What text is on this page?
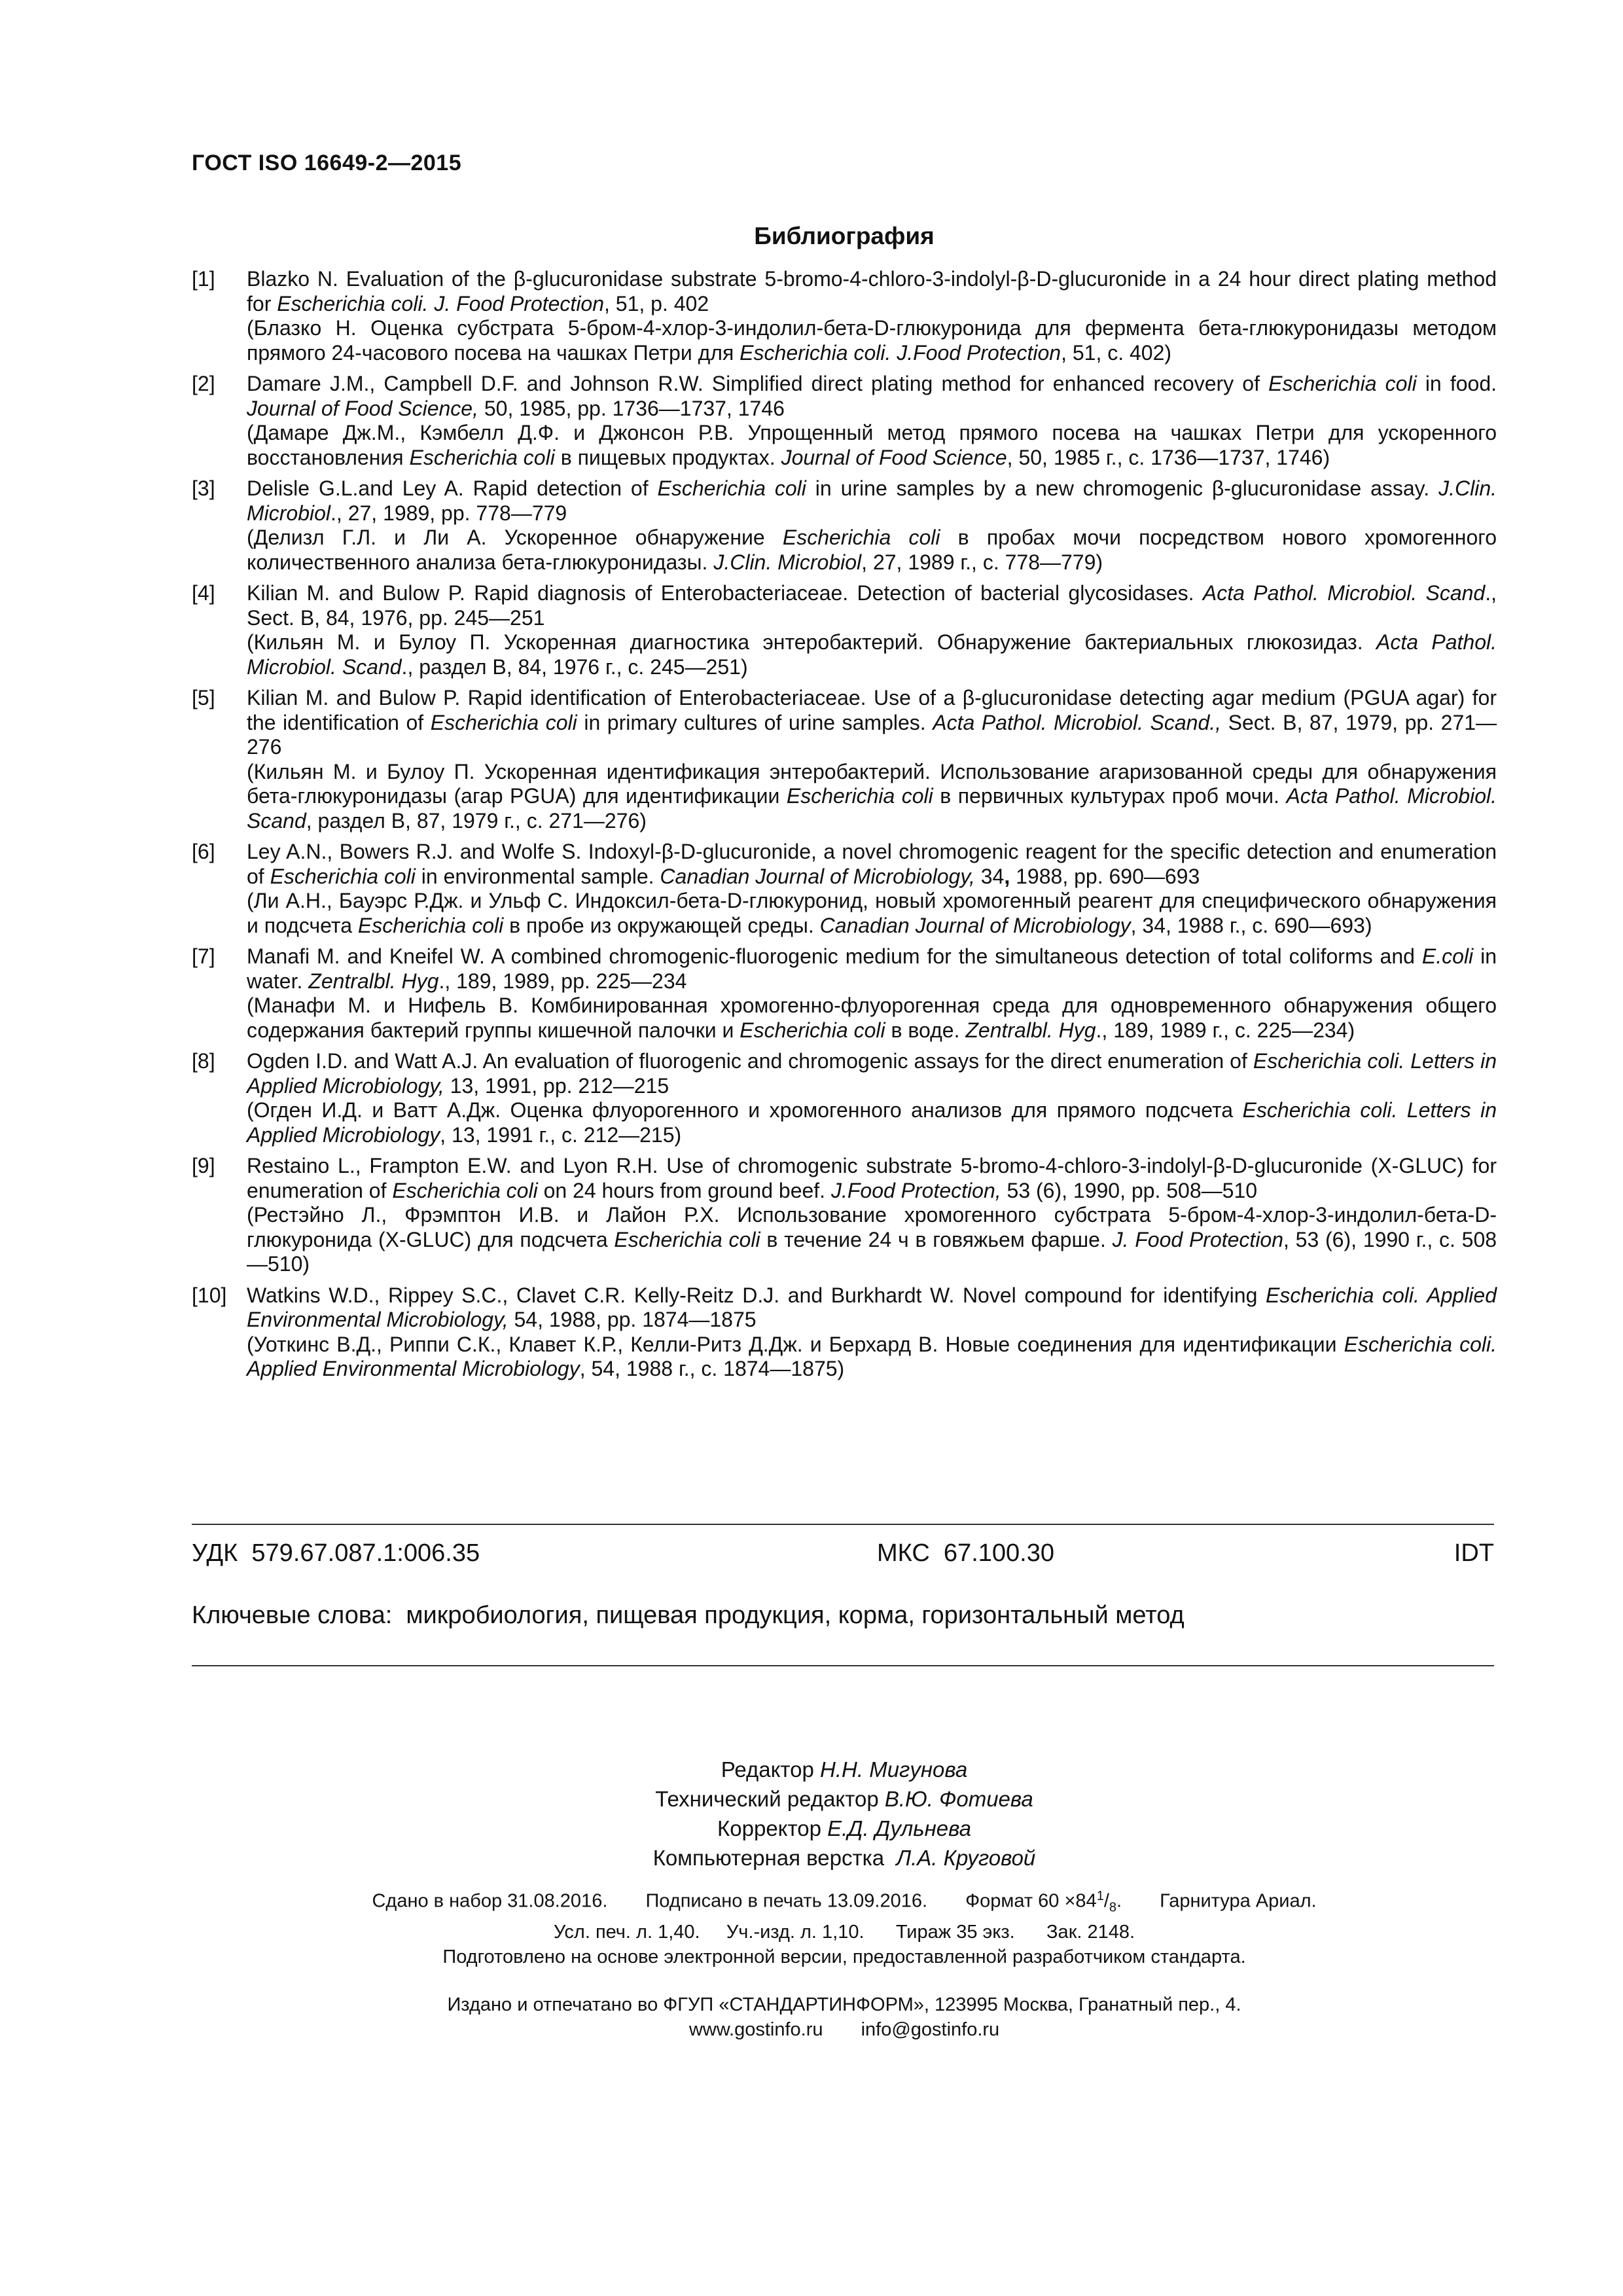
ГОСТ ISO 16649-2—2015
Библиография
[1]	Blazko N. Evaluation of the β-glucuronidase substrate 5-bromo-4-chloro-3-indolyl-β-D-glucuronide in a 24 hour direct plating method for Escherichia coli. J. Food Protection, 51, p. 402
(Блазко Н. Оценка субстрата 5-бром-4-хлор-3-индолил-бета-D-глюкуронида для фермента бета-глюкуронидазы методом прямого 24-часового посева на чашках Петри для Escherichia coli. J.Food Protection, 51, с. 402)
[2]	Damare J.M., Campbell D.F. and Johnson R.W. Simplified direct plating method for enhanced recovery of Escherichia coli in food. Journal of Food Science, 50, 1985, pp. 1736—1737, 1746
(Дамаре Дж.М., Кэмбелл Д.Ф. и Джонсон Р.В. Упрощенный метод прямого посева на чашках Петри для ускоренного восстановления Escherichia coli в пищевых продуктах. Journal of Food Science, 50, 1985 г., с. 1736—1737, 1746)
[3]	Delisle G.L.and Ley A. Rapid detection of Escherichia coli in urine samples by a new chromogenic β-glucuronidase assay. J.Clin. Microbiol., 27, 1989, pp. 778—779
(Делизл Г.Л. и Ли А. Ускоренное обнаружение Escherichia coli в пробах мочи посредством нового хромогенного количественного анализа бета-глюкуронидазы. J.Clin. Microbiol, 27, 1989 г., с. 778—779)
[4]	Kilian M. and Bulow P. Rapid diagnosis of Enterobacteriaceae. Detection of bacterial glycosidases. Acta Pathol. Microbiol. Scand., Sect. B, 84, 1976, pp. 245—251
(Кильян М. и Булоу П. Ускоренная диагностика энтеробактерий. Обнаружение бактериальных глюкозидаз. Acta Pathol. Microbiol. Scand., раздел В, 84, 1976 г., с. 245—251)
[5]	Kilian M. and Bulow P. Rapid identification of Enterobacteriaceae. Use of a β-glucuronidase detecting agar medium (PGUA agar) for the identification of Escherichia coli in primary cultures of urine samples. Acta Pathol. Microbiol. Scand., Sect. B, 87, 1979, pp. 271—276
(Кильян М. и Булоу П. Ускоренная идентификация энтеробактерий. Использование агаризованной среды для обнаружения бета-глюкуронидазы (агар PGUA) для идентификации Escherichia coli в первичных культурах проб мочи. Acta Pathol. Microbiol. Scand, раздел В, 87, 1979 г., с. 271—276)
[6]	Ley A.N., Bowers R.J. and Wolfe S. Indoxyl-β-D-glucuronide, a novel chromogenic reagent for the specific detection and enumeration of Escherichia coli in environmental sample. Canadian Journal of Microbiology, 34, 1988, pp. 690—693
(Ли А.Н., Бауэрс Р.Дж. и Ульф С. Индоксил-бета-D-глюкуронид, новый хромогенный реагент для специфического обнаружения и подсчета Escherichia coli в пробе из окружающей среды. Canadian Journal of Microbiology, 34, 1988 г., с. 690—693)
[7]	Manafi M. and Kneifel W. A combined chromogenic-fluorogenic medium for the simultaneous detection of total coliforms and E.coli in water. Zentralbl. Hyg., 189, 1989, pp. 225—234
(Манафи М. и Нифель В. Комбинированная хромогенно-флуорогенная среда для одновременного обнаружения общего содержания бактерий группы кишечной палочки и Escherichia coli в воде. Zentralbl. Hyg., 189, 1989 г., с. 225—234)
[8]	Ogden I.D. and Watt A.J. An evaluation of fluorogenic and chromogenic assays for the direct enumeration of Escherichia coli. Letters in Applied Microbiology, 13, 1991, pp. 212—215
(Огден И.Д. и Ватт А.Дж. Оценка флуорогенного и хромогенного анализов для прямого подсчета Escherichia coli. Letters in Applied Microbiology, 13, 1991 г., с. 212—215)
[9]	Restaino L., Frampton E.W. and Lyon R.H. Use of chromogenic substrate 5-bromo-4-chloro-3-indolyl-β-D-glucuronide (X-GLUC) for enumeration of Escherichia coli on 24 hours from ground beef. J.Food Protection, 53 (6), 1990, pp. 508—510
(Рестэйно Л., Фрэмптон И.В. и Лайон Р.Х. Использование хромогенного субстрата 5-бром-4-хлор-3-индолил-бета-D-глюкуронида (X-GLUC) для подсчета Escherichia coli в течение 24 ч в говяжьем фарше. J. Food Protection, 53 (6), 1990 г., с. 508—510)
[10] Watkins W.D., Rippey S.C., Clavet C.R. Kelly-Reitz D.J. and Burkhardt W. Novel compound for identifying Escherichia coli. Applied Environmental Microbiology, 54, 1988, pp. 1874—1875
(Уоткинс В.Д., Риппи С.К., Клавет К.Р., Келли-Ритз Д.Дж. и Берхард В. Новые соединения для идентификации Escherichia coli. Applied Environmental Microbiology, 54, 1988 г., с. 1874—1875)
УДК  579.67.087.1:006.35	МКС  67.100.30	IDT
Ключевые слова:  микробиология, пищевая продукция, корма, горизонтальный метод
Редактор Н.Н. Мигунова
Технический редактор В.Ю. Фотиева
Корректор Е.Д. Дульнева
Компьютерная верстка  Л.А. Круговой
Сдано в набор 31.08.2016. Подписано в печать 13.09.2016. Формат $60 \times 84^1/_8$. Гарнитура Ариал.
Усл. печ. л. 1,40.     Уч.-изд. л. 1,10.      Тираж 35 экз.      Зак. 2148.
Подготовлено на основе электронной версии, предоставленной разработчиком стандарта.
Издано и отпечатано во ФГУП «СТАНДАРТИНФОРМ», 123995 Москва, Гранатный пер., 4.
www.gostinfo.ru info@gostinfo.ru
